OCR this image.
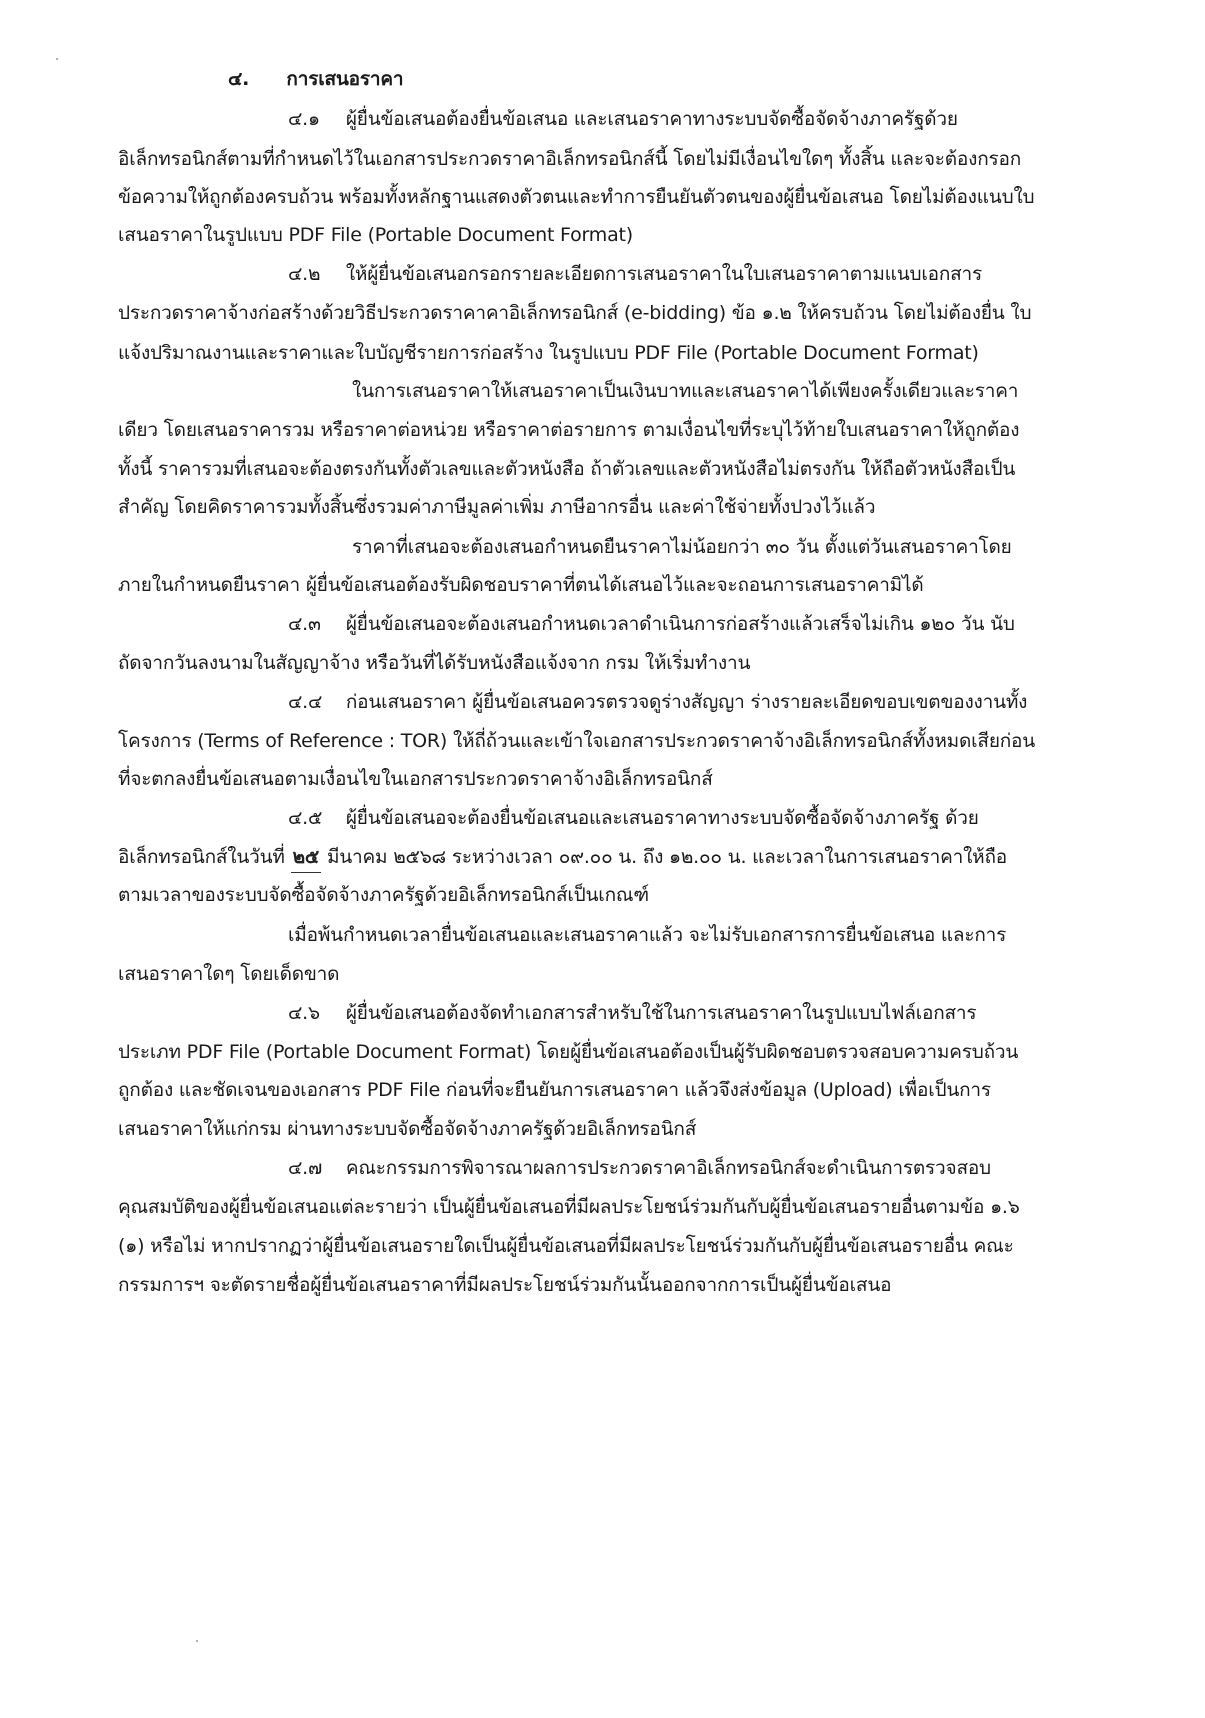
๔. การเสนอราคา
๔.๑ ผู้ยื่นข้อเสนอต้องยื่นข้อเสนอ และเสนอราคาทางระบบจัดซื้อจัดจ้างภาครัฐด้วย
อิเล็กทรอนิกส์ตามที่กำหนดไว้ในเอกสารประกวดราคาอิเล็กทรอนิกส์นี้ โดยไม่มีเงื่อนไขใดๆ ทั้งสิ้น และจะต้องกรอก
ข้อความให้ถูกต้องครบถ้วน พร้อมทั้งหลักฐานแสดงตัวตนและทำการยืนยันตัวตนของผู้ยื่นข้อเสนอ โดยไม่ต้องแนบใบ
เสนอราคาในรูปแบบ PDF File (Portable Document Format)
๔.๒ ให้ผู้ยื่นข้อเสนอกรอกรายละเอียดการเสนอราคาในใบเสนอราคาตามแนบเอกสาร
ประกวดราคาจ้างก่อสร้างด้วยวิธีประกวดราคาคาอิเล็กทรอนิกส์ (e-bidding) ข้อ ๑.๒ ให้ครบถ้วน โดยไม่ต้องยื่น ใบ
แจ้งปริมาณงานและราคาและใบบัญชีรายการก่อสร้าง ในรูปแบบ PDF File (Portable Document Format)
ในการเสนอราคาให้เสนอราคาเป็นเงินบาทและเสนอราคาได้เพียงครั้งเดียวและราคา
เดียว โดยเสนอราคารวม หรือราคาต่อหน่วย หรือราคาต่อรายการ ตามเงื่อนไขที่ระบุไว้ท้ายใบเสนอราคาให้ถูกต้อง
ทั้งนี้ ราคารวมที่เสนอจะต้องตรงกันทั้งตัวเลขและตัวหนังสือ ถ้าตัวเลขและตัวหนังสือไม่ตรงกัน ให้ถือตัวหนังสือเป็น
สำคัญ โดยคิดราคารวมทั้งสิ้นซึ่งรวมค่าภาษีมูลค่าเพิ่ม ภาษีอากรอื่น และค่าใช้จ่ายทั้งปวงไว้แล้ว
ราคาที่เสนอจะต้องเสนอกำหนดยืนราคาไม่น้อยกว่า ๓๐ วัน ตั้งแต่วันเสนอราคาโดย
ภายในกำหนดยืนราคา ผู้ยื่นข้อเสนอต้องรับผิดชอบราคาที่ตนได้เสนอไว้และจะถอนการเสนอราคามิได้
๔.๓ ผู้ยื่นข้อเสนอจะต้องเสนอกำหนดเวลาดำเนินการก่อสร้างแล้วเสร็จไม่เกิน ๑๒๐ วัน นับ
ถัดจากวันลงนามในสัญญาจ้าง หรือวันที่ได้รับหนังสือแจ้งจาก กรม ให้เริ่มทำงาน
๔.๔ ก่อนเสนอราคา ผู้ยื่นข้อเสนอควรตรวจดูร่างสัญญา ร่างรายละเอียดขอบเขตของงานทั้ง
โครงการ (Terms of Reference : TOR) ให้ถี่ถ้วนและเข้าใจเอกสารประกวดราคาจ้างอิเล็กทรอนิกส์ทั้งหมดเสียก่อน
ที่จะตกลงยื่นข้อเสนอตามเงื่อนไขในเอกสารประกวดราคาจ้างอิเล็กทรอนิกส์
๔.๕ ผู้ยื่นข้อเสนอจะต้องยื่นข้อเสนอและเสนอราคาทางระบบจัดซื้อจัดจ้างภาครัฐ ด้วย
อิเล็กทรอนิกส์ในวันที่ ๒๕ มีนาคม ๒๕๖๘ ระหว่างเวลา ๐๙.๐๐ น. ถึง ๑๒.๐๐ น. และเวลาในการเสนอราคาให้ถือ
ตามเวลาของระบบจัดซื้อจัดจ้างภาครัฐด้วยอิเล็กทรอนิกส์เป็นเกณฑ์
เมื่อพ้นกำหนดเวลายื่นข้อเสนอและเสนอราคาแล้ว จะไม่รับเอกสารการยื่นข้อเสนอ และการ
เสนอราคาใดๆ โดยเด็ดขาด
๔.๖ ผู้ยื่นข้อเสนอต้องจัดทำเอกสารสำหรับใช้ในการเสนอราคาในรูปแบบไฟล์เอกสาร
ประเภท PDF File (Portable Document Format) โดยผู้ยื่นข้อเสนอต้องเป็นผู้รับผิดชอบตรวจสอบความครบถ้วน
ถูกต้อง และชัดเจนของเอกสาร PDF File ก่อนที่จะยืนยันการเสนอราคา แล้วจึงส่งข้อมูล (Upload) เพื่อเป็นการ
เสนอราคาให้แก่กรม ผ่านทางระบบจัดซื้อจัดจ้างภาครัฐด้วยอิเล็กทรอนิกส์
๔.๗ คณะกรรมการพิจารณาผลการประกวดราคาอิเล็กทรอนิกส์จะดำเนินการตรวจสอบ
คุณสมบัติของผู้ยื่นข้อเสนอแต่ละรายว่า เป็นผู้ยื่นข้อเสนอที่มีผลประโยชน์ร่วมกันกับผู้ยื่นข้อเสนอรายอื่นตามข้อ ๑.๖
(๑) หรือไม่ หากปรากฏว่าผู้ยื่นข้อเสนอรายใดเป็นผู้ยื่นข้อเสนอที่มีผลประโยชน์ร่วมกันกับผู้ยื่นข้อเสนอรายอื่น คณะ
กรรมการฯ จะตัดรายชื่อผู้ยื่นข้อเสนอราคาที่มีผลประโยชน์ร่วมกันนั้นออกจากการเป็นผู้ยื่นข้อเสนอ
